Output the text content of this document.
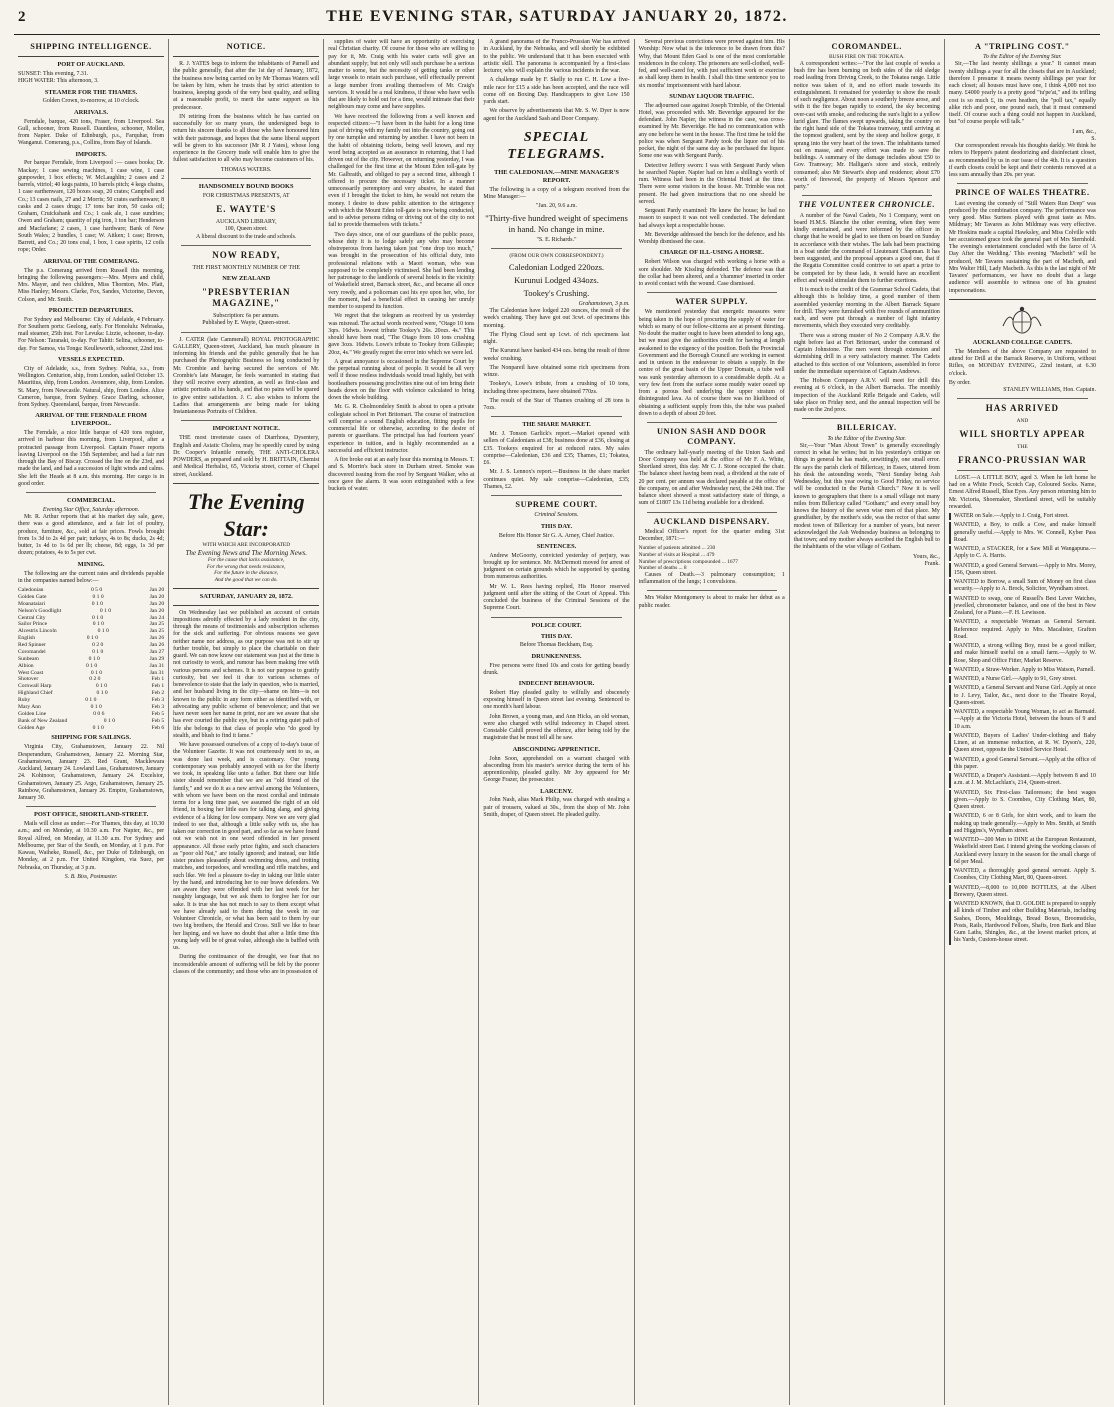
2	THE EVENING STAR, SATURDAY JANUARY 20, 1872.
SHIPPING INTELLIGENCE.
PORT OF AUCKLAND.
SUNSET: This evening, 7.31.
HIGH WATER: This afternoon, 3.
STEAMER FOR THE THAMES.
Golden Crown, to-morrow, at 10 o'clock.
ARRIVALS.

Ferndale, barque, 420 tons, Fraser, from Liverpool. Sea Gull, schooner, from Russell. Dauntless, schooner, Moller, from Napier. Duke of Edinburgh, p.s., Farquhar, from Wanganui. Comerang, p.s., Collins, from Bay of Islands.

IMPORTS.

Per barque Ferndale, from Liverpool :— cases books; Dr. Mackay; 1 case sewing machines, 1 case wine, 1 case gunpowder, 1 box effects; W. McLaughlin; 2 cases and 2 barrels, vitriol; 40 kegs paints, 10 barrels pitch; 4 kegs chains, 1 case earthenware, 120 boxes soap, 20 crates; Campbell and Co.; 13 cases nails, 27 and 2 Morris; 50 crates earthenware; 8 casks and 2 cases drugs; 17 tons bar iron, 50 casks oil; Graham, Cruickshank and Co.; 1 cask ale, 1 case sundries; Owen and Graham; quantity of pig iron, 1 ton bar; Henderson and Macfarlane; 2 cases, 1 case hardware; Bank of New South Wales; 2 bundles, 1 case; W. Aitken; 1 case; Brown, Barrett, and Co.; 20 tons coal, 1 box, 1 case spirits, 12 coils rope; Order.

ARRIVAL OF THE COMERANG.

The p.s. Comerang arrived from Russell this morning, bringing the following passengers:—Mrs. Myers and child, Mrs. Mayer, and two children, Miss Thornton, Mrs. Platt, Miss Hanley; Messrs. Clarke, Fox, Sandes, Victorine, Devon, Colson, and Mr. Smith.

PROJECTED DEPARTURES.

For Sydney and Melbourne: City of Adelaide, 4 February. For Southern ports: Geelong, early. For Honolulu: Nebraska, mail steamer, 25th inst. For Levuka: Lizzie, schooner, to-day. For Nelson: Taranaki, to-day. For Tahiti: Selina, schooner, to-day. For Samoa, via Tonga: Keulleworth, schooner, 22nd inst.

VESSELS EXPECTED.

City of Adelaide, s.s., from Sydney. Nubia, s.s., from Wellington. Centurion, ship, from London, sailed October 13. Mauritius, ship, from London. Avonmore, ship, from London. St. Mary, from Newcastle. Natural, ship, from London. Alice Cameron, barque, from Sydney. Grace Darling, schooner, from Sydney. Queensland, barque, from Newcastle.

ARRIVAL OF THE FERNDALE FROM LIVERPOOL.

The Ferndale, a nice little barque of 420 tons register, arrived in harbour this morning, from Liverpool, after a protracted passage from Liverpool. Captain Fraser reports leaving Liverpool on the 15th September, and had a fair run through the Bay of Biscay. Crossed the line on the 23rd, and made the land, and had a succession of light winds and calms. She left the Heads at 8 a.m. this morning. Her cargo is in good order.

COMMERCIAL.
Evening Star Office, Saturday afternoon.

Mr. R. Arthur reports that at his market day sale, gave, there was a good attendance, and a fair lot of poultry, produce, furniture, &c., sold at fair prices. Fowls brought from 1s 3d to 2s 4d per pair; turkeys, 4s to 8s; ducks, 2s 4d; butter, 1s 4d to 1s 6d per lb; cheese, 8d; eggs, 1s 3d per dozen; potatoes, 4s to 5s per cwt.

MINING.

The following are the current rates and dividends payable in the companies named below:—

Caledonian	0 5 0	Jan 20
Golden Gate	0 1 0	Jan 20
Moanataiari	0 1 0	Jan 20
Nelson's Goodlight	0 1 0	Jan 20
Central City	0 1 0	Jan 24
Sailor Prince	0 1 0	Jan 25
Alcestris Lincoln	0 1 0	Jan 25
English	0 1 0	Jan 26
Red Spinner	0 2 0	Jan 26
Coromandel	0 1 0	Jan 27
Sunbeam	0 1 0	Jan 29
Albion	0 1 0	Jan 31
West Coast	0 1 0	Jan 31
Shotover	0 2 0	Feb 1
Cornwall Harp	0 1 0	Feb 1
Highland Chief	0 1 0	Feb 2
Ruby	0 1 0	Feb 3
Mary Ann	0 1 0	Feb 3
Golden Line	0 0 6	Feb 5
Bank of New Zealand	0 1 0	Feb 5
Golden Age	0 1 0	Feb 6
SHIPPING FOR SAILINGS.

Virginia City, Grahamstown, January 22. Nil Desperandum, Grahamstown, January 22. Morning Star, Grahamstown, January 23. Red Grant, Macklewara Auckland, January 24. Lowland Lass, Grahamstown, January 24. Kohinoor, Grahamstown, January 24. Excelsior, Grahamstown, January 25. Argo, Grahamstown, January 25. Rainbow, Grahamstown, January 26. Empire, Grahamstown, January 30.

POST OFFICE, SHORTLAND-STREET.

Mails will close as under:—For Thames, this day, at 10.30 a.m.; and on Monday, at 10.30 a.m. For Napier, &c., per Royal Alfred, on Monday, at 11.30 a.m. For Sydney and Melbourne, per Star of the South, on Monday, at 1 p.m. For Kawau, Waiheke, Russell, &c., per Duke of Edinburgh, on Monday, at 2 p.m. For United Kingdom, via Suez, per Nebraska, on Thursday, at 3 p.m.

S. B. Biss, Postmaster.
NOTICE.

R. J. YATES begs to inform the inhabitants of Parnell and the public generally, that after the 1st day of January, 1872, the business now being carried on by Mr Thomas Waters will be taken by him, when he trusts that by strict attention to business, keeping goods of the very best quality, and selling at a reasonable profit, to merit the same support as his predecessor.

IN retiring from the business which he has carried on successfully for so many years, the undersigned begs to return his sincere thanks to all those who have honoured him with their patronage, and hopes that the same liberal support will be given to his successor (Mr R J Yates), whose long experience in the Grocery trade will enable him to give the fullest satisfaction to all who may become customers of his.

THOMAS WATERS.
HANDSOMELY BOUND BOOKS
FOR CHRISTMAS PRESENTS, AT
E. WAYTE'S
AUCKLAND LIBRARY,
100, Queen street.
A liberal discount to the trade and schools.
NOW READY,
THE FIRST MONTHLY NUMBER OF THE
NEW ZEALAND
"PRESBYTERIAN MAGAZINE,"
Subscription: 6s per annum.
Published by E. Wayte, Queen-street.

J. CATER (late Cammerall) ROYAL PHOTOGRAPHIC GALLERY, Queen-street, Auckland, has much pleasure in informing his friends and the public generally that he has purchased the Photographic Business so long conducted by Mr. Crombie and having secured the services of Mr. Crombie's late Manager, he feels warranted in stating that they will receive every attention, as well as first-class and artistic portraits at his hands, and that no pains will be spared to give entire satisfaction. J. C. also wishes to inform the Ladies that arrangements are being made for taking Instantaneous Portraits of Children.

IMPORTANT NOTICE.

THE most inveterate cases of Diarrhoea, Dysentery, English and Asiatic Cholera, may be speedily cured by using Dr. Cooper's Infantile remedy, THE ANTI-CHOLERA POWDERS, as prepared and sold by H. BRITTAIN, Chemist and Medical Herbalist, 65, Victoria street, corner of Chapel street, Auckland.

The Evening Star:
WITH WHICH ARE INCORPORATED
The Evening News and The Morning News.
For the cause that lacks assistance,
For the wrong that needs resistance,
For the future in the distance,
And the good that we can do.
SATURDAY, JANUARY 20, 1872.

On Wednesday last we published an account of certain impositions adroitly effected by a lady resident in the city, through the means of testimonials and subscription schemes for the sick and suffering. For obvious reasons we gave neither name nor address, as our purpose was not to stir up further trouble, but simply to place the charitable on their guard. We can now know our statement was just at the time is not curiosity to work, and rumour has been making free with various persons and schemes. It is not our purpose to gratify curiosity, but we feel it due to various schemes of benevolence to state that the lady in question, who is married, and her husband living in the city—shame on him—is not known to the public in any form either as identified with, or advocating any public scheme of benevolence; and that we have never seen her name in print, nor are we aware that she has ever courted the public eye, but in a retiring quiet path of life she belongs to that class of people who "do good by stealth, and blush to find it fame."

We have possessed ourselves of a copy of to-day's issue of the Volunteer Gazette. It was not courteously sent to us, as was done last week, and is customary. Our young contemporary was probably annoyed with us for the liberty we took, in speaking like unto a father. But there our little sister should remember that we are an "old friend of the family," and we do it as a new arrival among the Volunteers, with whom we have been on the most cordial and intimate terms for a long time past, we assumed the right of an old friend, in boxing her little ears for talking slang, and giving evidence of a liking for low company. Now we are very glad indeed to see that, although a little sulky with us, she has taken our correction in good part, and so far as we have found out we wish not in one word offended in her present appearance. All those early prize fights, and such characters as "poor old Nat," are totally ignored; and instead, our little sister praises pleasantly about swimming dress, and trotting matches, and torpedoes, and wrestling and rifle matches, and such like. We feel a pleasure to-day in taking our little sister by the hand, and introducing her to our brave defenders. We are aware they were offended with her last week for her naughty language, but we ask them to forgive her for our sake. It is true she has not much to say to them except what we have already said to them during the week in our Volunteer Chronicle, or what has been said to them by our two big brothers, the Herald and Cross. Still we like to hear her lisping, and we have no doubt that after a little time this young lady will be of great value, although she is baffled with us.

During the continuance of the drought, we fear that no inconsiderable amount of suffering will be felt by the poorer classes of the community; and those who are in possession of

supplies of water will have an opportunity of exercising real Christian charity. Of course for those who are willing to pay for it, Mr. Craig with his water carts will give an abundant supply; but not only will such purchase be a serious matter to some, but the necessity of getting tanks or other large vessels to retain such purchase, will effectually prevent a large number from availing themselves of Mr. Craig's services. It would be a real kindness, if those who have wells that are likely to hold out for a time, would intimate that their neighbours may come and have supplies.

We have received the following from a well known and respected citizen:—"I have been in the habit for a long time past of driving with my family out into the country, going out by one turnpike and returning by another. I have not been in the habit of obtaining tickets, being well known, and my word being accepted as an assurance in returning, that I had driven out of the city. However, on returning yesterday, I was challenged for the first time at the Mount Eden toll-gate by Mr. Galbraith, and obliged to pay a second time, although I offered to procure the necessary ticket. In a manner unnecessarily peremptory and very abusive, he stated that even if I brought the ticket to him, he would not return the money. I desire to draw public attention to the stringency with which the Mount Eden toll-gate is now being conducted, and to advise persons riding or driving out of the city to not fail to provide themselves with tickets."

Two days since, one of our guardians of the public peace, whose duty it is to lodge safely any who may become obstreperous from having taken just "one drop too much," was brought in the prosecution of his official duty, into professional relations with a Maori woman, who was supposed to be completely victimised. She had been lending her patronage to the landlords of several hotels in the vicinity of Wakefield street, Barrack street, &c., and became all once very rowdy, and a policeman cast his eye upon her, who, for the moment, had a beneficial effect in causing her unruly member to suspend its function.

We regret that the telegram as received by us yesterday was misread. The actual words received were, "Otago 10 tons 3qrs. 16dwts. lowest tribute Tookey's 26s. 20ozs. 4s." This should have been read, "The Otago from 10 tons crushing gave 3ozs. 16dwts. Lowe's tribute to Tookey from Gillespie; 20oz, 4s." We greatly regret the error into which we were led.

A great annoyance is occasioned in the Supreme Court by the perpetual running about of people. It would be all very well if those restless individuals would tread lightly, but with bootleathers possessing proclivities nine out of ten bring their heads down on the floor with violence calculated to bring down the whole building.

Mr. G. R. Cholmondeley Smith is about to open a private collegiate school in Port Britomart. The course of instruction will comprise a sound English education, fitting pupils for commercial life or otherwise, according to the desire of parents or guardians. The principal has had fourteen years' experience in tuition, and is highly recommended as a successful and efficient instructor.

A fire broke out at an early hour this morning in Messrs. T. and S. Morrin's back store in Durham street. Smoke was discovered issuing from the roof by Sergeant Walker, who at once gave the alarm. It was soon extinguished with a few buckets of water.

A grand panorama of the Franco-Prussian War has arrived in Auckland, by the Nebraska, and will shortly be exhibited to the public. We understand that it has been executed with artistic skill. The panorama is accompanied by a first-class lecturer, who will explain the various incidents in the war.

A challenge made by F. Skelly to run C. H. Low a five-mile race for £15 a side has been accepted, and the race will come off on Boxing Day. Handicappers to give Low 150 yards start.

We observe by advertisements that Mr. S. W. Dyer is now agent for the Auckland Sash and Door Company.

SPECIAL TELEGRAMS.
THE CALEDONIAN.—MINE MANAGER'S REPORT.

The following is a copy of a telegram received from the Mine Manager:—

"Jan. 20, 9.6 a.m.
"Thirty-five hundred weight of specimens in hand. No change in mine.
"S. E. Richards."
(FROM OUR OWN CORRESPONDENT.)
Caledonian Lodged 220ozs.
Kurunui Lodged 434ozs.
Tookey's Crushing.
Grahamstown, 3 p.m.

The Caledonian have lodged 220 ounces, the result of the week's crushing. They have got out 3cwt. of specimens this morning.

The Flying Cloud sent up 1cwt. of rich specimens last night.

The Kurunui have banked 434 ozs. being the result of three weeks' crushing.

The Nonpareil have obtained some rich specimens from winze.

Tookey's, Lowe's tribute, from a crushing of 10 tons, including three specimens, have obtained 770zs.

The result of the Star of Thames crushing of 28 tons is 7ozs.

THE SHARE MARKET.

Mr. J. Tonson Garlick's report.—Market opened with sellers of Caledonians at £38; business done at £36, closing at £35. Tookeys enquired for at reduced rates. My sales comprise—Caledonian, £36 and £35; Thames, £1; Tokatea, £6.

Mr. J. S. Lennox's report.—Business in the share market continues quiet. My sale comprise—Caledonian, £35; Thames, £2.

SUPREME COURT.
Criminal Sessions.
THIS DAY.
Before His Honor Sir G. A. Arney, Chief Justice.
SENTENCES.

Andrew McGoorty, convicted yesterday of perjury, was brought up for sentence. Mr. McDermott moved for arrest of judgment on certain grounds which he supported by quoting from numerous authorities.

Mr W. L. Rees having replied, His Honor reserved judgment until after the sitting of the Court of Appeal. This concluded the business of the Criminal Sessions of the Supreme Court.

POLICE COURT.
THIS DAY.
Before Thomas Beckham, Esq.
DRUNKENNESS.

Five persons were fined 10s and costs for getting beastly drunk.

INDECENT BEHAVIOUR.

Robert Hay pleaded guilty to wilfully and obscenely exposing himself in Queen street last evening. Sentenced to one month's hard labour.

John Brown, a young man, and Ann Hicks, an old woman, were also charged with wilful indecency in Chapel street. Constable Cahill proved the offence, after being told by the magistrate that he must tell all he saw.

ABSCONDING APPRENTICE.

John Soon, apprehended on a warrant charged with absconding from his master's service during the term of his apprenticeship, pleaded guilty. Mr Joy appeared for Mr George Frazer, the prosecutor.

LARCENY.

John Nash, alias Mark Philip, was charged with stealing a pair of trousers, valued at 30s., from the shop of Mr. John Smith, draper, of Queen street. He pleaded guilty.

Several previous convictions were proved against him. His Worship: Now what is the inference to be drawn from this? Why, that Mount Eden Gaol is one of the most comfortable residences in the colony. The prisoners are well-clothed, well-fed, and well-cared for, with just sufficient work or exercise as shall keep them in health. I shall this time sentence you to six months' imprisonment with hard labour.

SUNDAY LIQUOR TRAFFIC.

The adjourned case against Joseph Trimble, of the Oriental Hotel, was proceeded with. Mr. Beveridge appeared for the defendant. John Napier, the witness in the case, was cross-examined by Mr. Beveridge. He had no communication with any one before he went in the house. The first time he told the police was when Sergeant Pardy took the liquor out of his pocket, the night of the same day as he purchased the liquor. Some one was with Sergeant Pardy.

Detective Jeffery sworn: I was with Sergeant Pardy when he searched Napier. Napier had on him a shilling's worth of rum. Witness had been in the Oriental Hotel at the time. There were some visitors in the house. Mr. Trimble was not present. He had given instructions that no one should be served.

Sergeant Pardy examined: He knew the house; he had no reason to suspect it was not well conducted. The defendant had always kept a respectable house.

Mr. Beveridge addressed the bench for the defence, and his Worship dismissed the case.

CHARGE OF ILL-USING A HORSE.

Robert Wilson was charged with working a horse with a sore shoulder. Mr Kissling defended. The defence was that the collar had been altered, and a 'chammer' inserted in order to avoid contact with the wound. Case dismissed.

WATER SUPPLY.

We mentioned yesterday that energetic measures were being taken in the hope of procuring the supply of water for which so many of our fellow-citizens are at present thirsting. No doubt the matter ought to have been attended to long ago, but we must give the authorities credit for having at length awakened to the exigency of the position. Both the Provincial Government and the Borough Council are working in earnest and in unison in the endeavour to obtain a supply. In the centre of the great basin of the Upper Domain, a tube well was sunk yesterday afternoon to a considerable depth. At a very few feet from the surface some muddy water oozed up from a porous bed underlying the upper stratum of disintegrated lava. As of course there was no likelihood of obtaining a sufficient supply from this, the tube was pushed down to a depth of about 20 feet.

UNION SASH AND DOOR COMPANY.

The ordinary half-yearly meeting of the Union Sash and Door Company was held at the office of Mr F. A. White, Shortland street, this day. Mr C. J. Stone occupied the chair. The balance sheet having been read, a dividend at the rate of 20 per cent. per annum was declared payable at the office of the company, on and after Wednesday next, the 24th inst. The balance sheet showed a most satisfactory state of things, a sum of £1807 13s 11d being available for a dividend.

AUCKLAND DISPENSARY.

Medical Officer's report for the quarter ending 31st December, 1871:—

Number of patients admitted ... 230
Number of visits at Hospital ... 479
Number of prescriptions compounded ... 1677
Number of deaths ... 8

Causes of Death.—3 pulmonary consumption; 1 inflammation of the lungs; 1 convulsions.

Mrs Walter Montgomery is about to make her debut as a public reader.

COROMANDEL.
BUSH FIRE ON THE TOKATEA.

A correspondent writes:—"For the last couple of weeks a bush fire has been burning on both sides of the old sledge road leading from Driving Creek, to the Tokatea range. Little notice was taken of it, and no effort made towards its extinguishment. It remained for yesterday to show the result of such negligence. About noon a southerly breeze arose, and with it the fire began rapidly to extend, the sky becoming over-cast with smoke, and reducing the sun's light to a yellow lurid glare. The flames swept upwards, taking the country on the right hand side of the Tokatea tramway, until arriving at the topmost gradient, sent by the steep and hollow gorge, it sprang into the very heart of the town. The inhabitants turned out en masse, and every effort was made to save the buildings. A summary of the damage includes about £50 to Gov. Tramway; Mr. Halligan's store and stock, entirely consumed; also Mr Stewart's shop and residence; about £70 worth of firewood, the property of Messrs Spencer and party."

THE VOLUNTEER CHRONICLE.

A number of the Naval Cadets, No 1 Company, went on board H.M.S. Blanche the other evening, when they were kindly entertained, and were informed by the officer in charge that he would be glad to see them on board on Sunday in accordance with their wishes. The lads had been practising in a boat under the command of Lieutenant Chapman. It has been suggested, and the proposal appears a good one, that if the Regatta Committee could contrive to set apart a prize to be competed for by these lads, it would have an excellent effect and would stimulate them to further exertions.

It is much to the credit of the Grammar School Cadets, that although this is holiday time, a good number of them assembled yesterday morning in the Albert Barrack Square for drill. They were furnished with five rounds of ammunition each, and were put through a number of light infantry movements, which they executed very creditably.

There was a strong muster of No 2 Company A.R.V. the night before last at Fort Britomart, under the command of Captain Johnstone. The men went through extension and skirmishing drill in a very satisfactory manner. The Cadets attached to this section of our Volunteers, assembled in force under the immediate supervision of Captain Andrews.

The Hobson Company A.R.V. will meet for drill this evening at 6 o'clock, in the Albert Barracks. The monthly inspection of the Auckland Rifle Brigade and Cadets, will take place on Friday next, and the annual inspection will be made on the 2nd prox.

BILLERICAY.
To the Editor of the Evening Star.

Sir,—Your "Man About Town" is generally exceedingly correct in what he writes; but in his yesterday's critique on things in general he has made, unwittingly, one small error. He says the parish clerk of Billericay, in Essex, uttered from his desk the astounding words, "Next Sunday being Ash Wednesday, but this year owing to Good Friday, no service will be conducted in the Parish Church." Now it is well known to geographers that there is a small village not many miles from Billericay called "Gotham;" and every small boy knows the history of the seven wise men of that place. My grandfather, by the mother's side, was the rector of that same modest town of Billericay for a number of years, but never acknowledged the Ash Wednesday business as belonging to that town; and my mother always ascribed the English bull to the inhabitants of the wise village of Gotham.

Yours, &c.,
Frank.
A "TRIPLING COST."
To the Editor of the Evening Star.

Sir,—The last twenty shillings a year." It cannot mean twenty shillings a year for all the closets that are in Auckland; therefore I presume it means twenty shillings per year for each closet; all houses must have one, I think 4,000 not too many. £4000 yearly is a pretty good "tu'pe'at," and its trifling cost is so much £, its own heathen, the "poll tax," equally alike rich and poor, one pound each, that it must commend itself. Of course such a thing could not happen in Auckland, but "of course people will talk."

I am, &c.,
S.

Our correspondent reveals his thoughts darkly. We think he refers to Heppen's patent deodorizing and disinfectant closet, as recommended by us in our issue of the 4th. It is a question if earth closets could be kept and their contents removed at a less sum annually than 20s. per year.

PRINCE OF WALES THEATRE.

Last evening the comedy of "Still Waters Run Deep" was produced by the combination company. The performance was very good. Miss Surtees played with great taste as Mrs. Mildmay; Mr Tavares as John Mildmay was very effective. Mr Hoskins made a capital Hawksley, and Miss Colville with her accustomed grace took the general part of Mrs Sternhold. The evening's entertainment concluded with the farce of 'A Day After the Wedding.' This evening "Macbeth" will be produced, Mr Tavares sustaining the part of Macbeth, and Mrs Walter Hill, Lady Macbeth. As this is the last night of Mr Tavares' performances, we have no doubt that a large audience will assemble to witness one of his greatest impersonations.

AUCKLAND COLLEGE CADETS.

The Members of the above Company are requested to attend for Drill at the Barrack Reserve, in Uniform, without Rifles, on MONDAY EVENING, 22nd instant, at 6.30 o'clock.

By order.
STANLEY WILLIAMS, Hon. Captain.
HAS ARRIVED
AND
WILL SHORTLY APPEAR
THE
FRANCO-PRUSSIAN WAR

LOST.—A LITTLE BOY, aged 3. When he left home he had on a White Frock, Scotch Cap, Coloured Socks. Name, Ernest Alfred Russell, Blue Eyes. Any person returning him to Mr. Victoria, Shoemaker, Shortland street, will be suitably rewarded.

WATER on Sale.—Apply to J. Craig, Fort street.

WANTED, a Boy, to milk a Cow, and make himself generally useful.—Apply to Mrs. W. Connell, Kyber Pass Road.

WANTED, a STACKER, for a Saw Mill at Wangapuna.—Apply to C. A. Harris.

WANTED, a good General Servant.—Apply to Mrs. Morey, 156, Queen street.

WANTED to Borrow, a small Sum of Money on first class security.—Apply to A. Brock, Solicitor, Wyndham street.

WANTED to swap, one of Russell's Best Lever Watches, jewelled, chronometer balance, and one of the best in New Zealand, for a Piano.—F. H. Lewisson.

WANTED, a respectable Woman as General Servant. Reference required. Apply to Mrs. Macalister, Grafton Road.

WANTED, a strong willing Boy, must be a good milker, and make himself useful on a small farm.—Apply to W. Rose, Shop and Office Fitter, Market Reserve.

WANTED, a Straw-Worker. Apply to Miss Watson, Parnell.

WANTED, a Nurse Girl.—Apply to 91, Grey street.

WANTED, a General Servant and Nurse Girl. Apply at once to J. Levy, Tailor, &c., next door to the Theatre Royal, Queen-street.

WANTED, a respectable Young Woman, to act as Barmaid.—Apply at the Victoria Hotel, between the hours of 9 and 10 a.m.

WANTED, Buyers of Ladies' Under-clothing and Baby Linen, at an immense reduction, at R. W. Dyson's, 220, Queen street, opposite the United Service Hotel.

WANTED, a good General Servant.—Apply at the office of this paper.

WANTED, a Draper's Assistant.—Apply between 8 and 10 a.m. at J. M. McLachlan's, 214, Queen-street.

WANTED, Six First-class Tailoresses; the best wages given.—Apply to S. Coombes, City Clothing Mart, 80, Queen street.

WANTED, 6 or 8 Girls, for shirt work, and to learn the making up trade generally.—Apply to Mrs. Smith, at Smith and Higgins's, Wyndham street.

WANTED—200 Men to DINE at the European Restaurant, Wakefield street East. I intend giving the working classes of Auckland every luxury in the season for the small charge of 6d per Meal.

WANTED, a thoroughly good general servant. Apply S. Coombes, City Clothing Mart, 80, Queen-street.

WANTED,—8,000 to 10,000 BOTTLES, at the Albert Brewery, Queen street.

WANTED KNOWN, that D. GOLDIE is prepared to supply all kinds of Timber and other Building Materials, including Sashes, Doors, Mouldings, Bread Boxes, Broomsticks, Posts, Rails, Hardwood Felloes, Shafts, Iron Bark and Blue Gum Laths, Shingles, &c., at the lowest market prices, at his Yards, Custom-house street.
